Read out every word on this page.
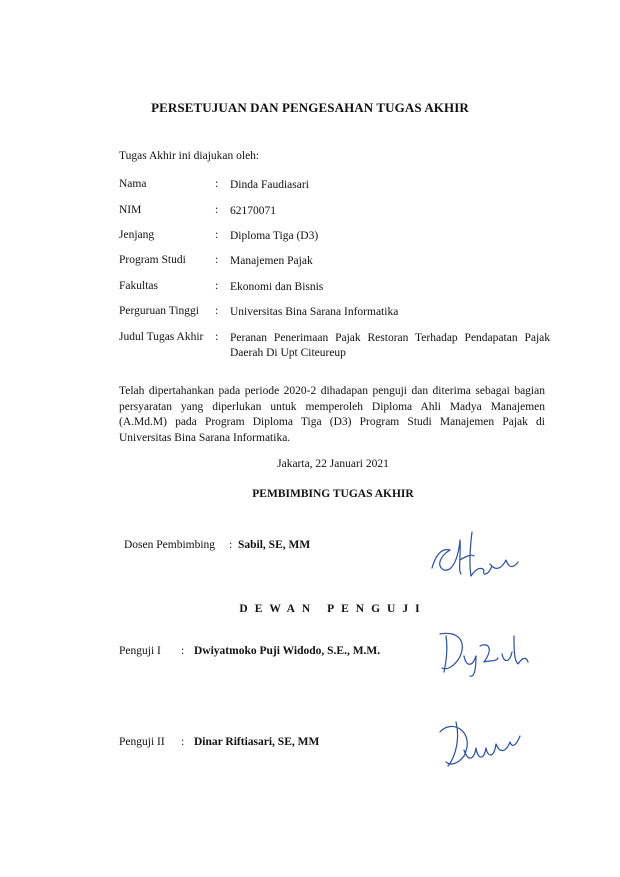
PERSETUJUAN DAN PENGESAHAN TUGAS AKHIR
Tugas Akhir ini diajukan oleh:
Nama	: Dinda Faudiasari
NIM	: 62170071
Jenjang	: Diploma Tiga (D3)
Program Studi	: Manajemen Pajak
Fakultas	: Ekonomi dan Bisnis
Perguruan Tinggi : Universitas Bina Sarana Informatika
Judul Tugas Akhir : Peranan Penerimaan Pajak Restoran Terhadap Pendapatan Pajak Daerah Di Upt Citeureup
Telah dipertahankan pada periode 2020-2 dihadapan penguji dan diterima sebagai bagian persyaratan yang diperlukan untuk memperoleh Diploma Ahli Madya Manajemen (A.Md.M) pada Program Diploma Tiga (D3) Program Studi Manajemen Pajak di Universitas Bina Sarana Informatika.
Jakarta, 22 Januari 2021
PEMBIMBING TUGAS AKHIR
Dosen Pembimbing : Sabil, SE, MM
DEWAN PENGUJI
Penguji I : Dwiyatmoko Puji Widodo, S.E., M.M.
Penguji II : Dinar Riftiasari, SE, MM
